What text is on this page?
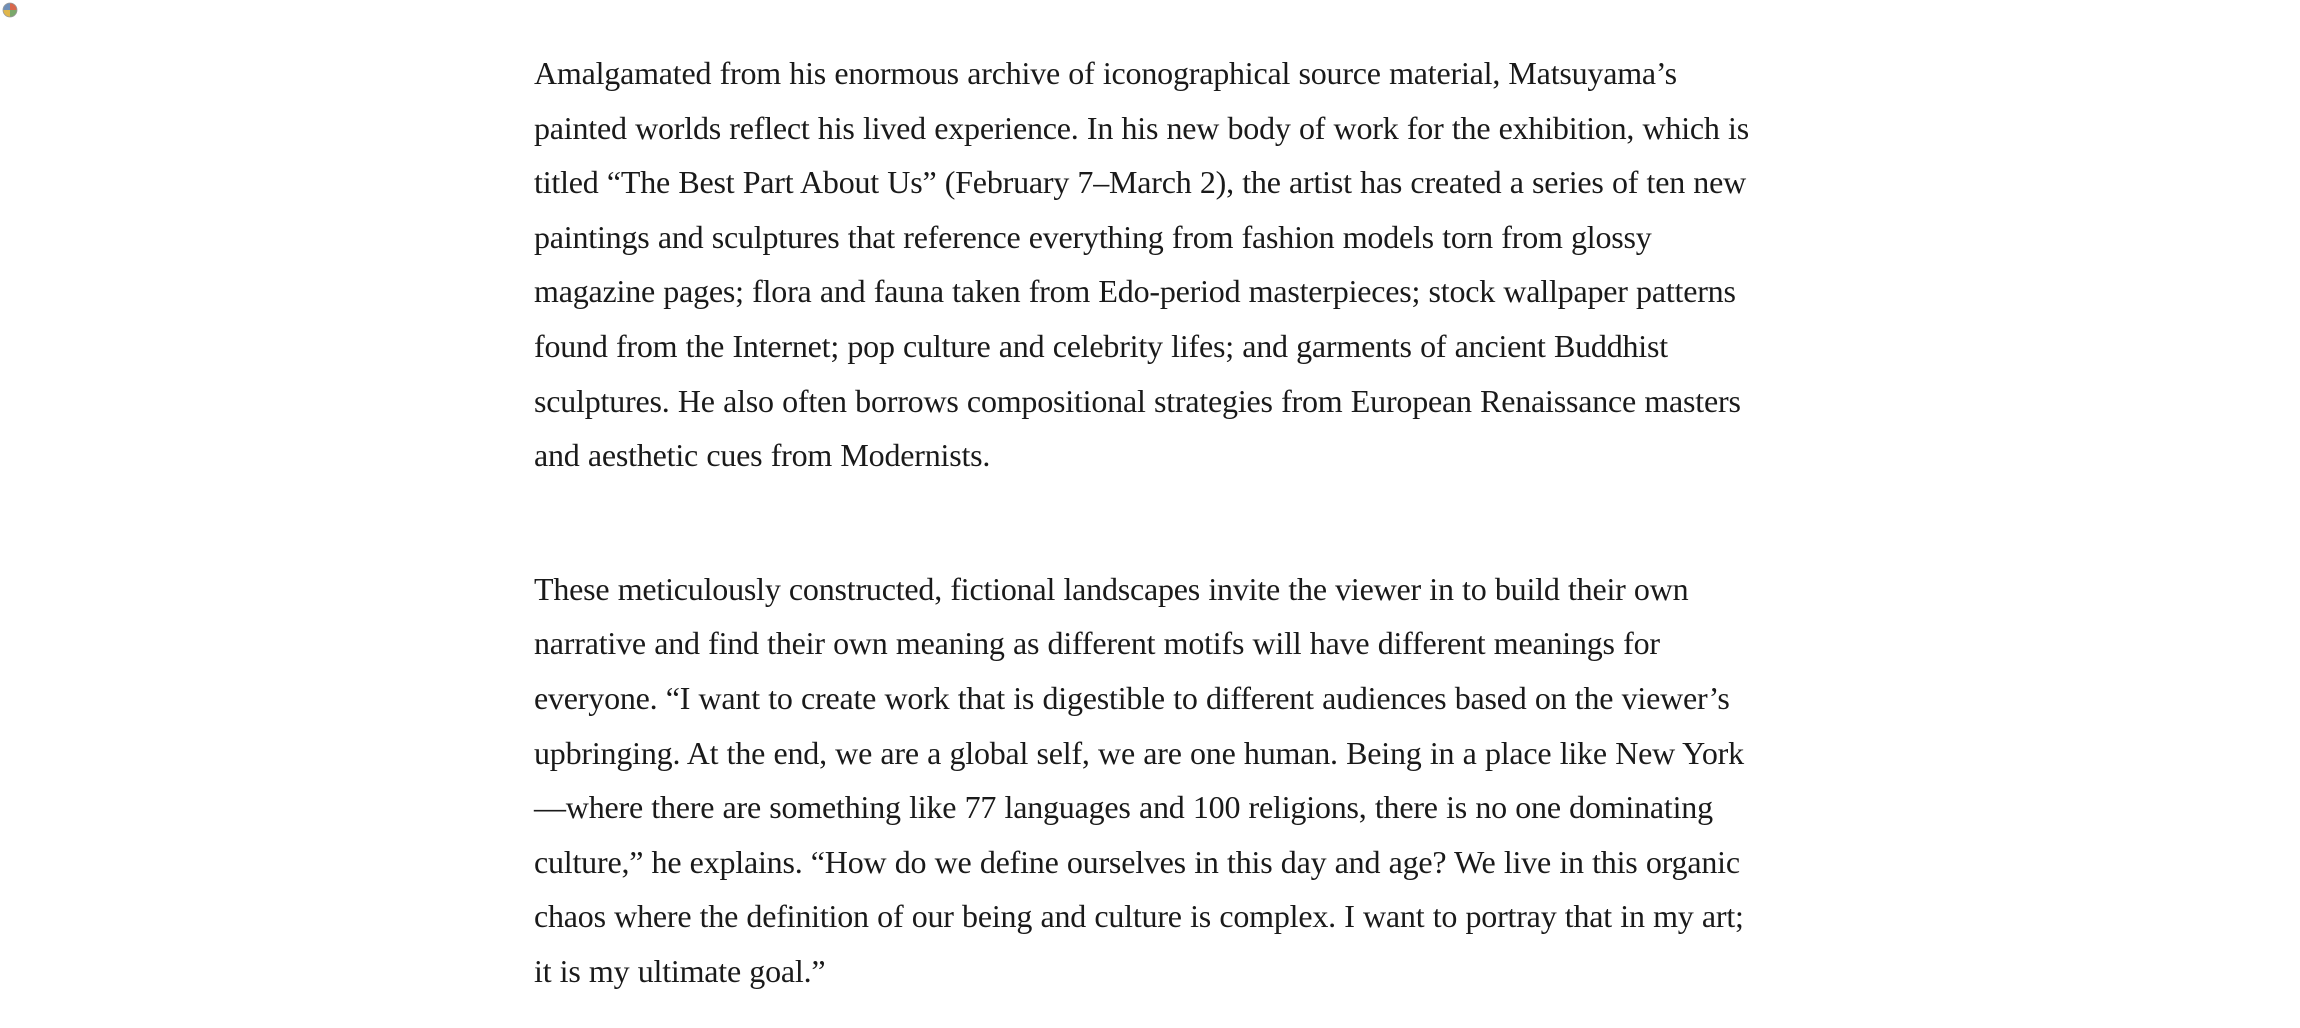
Amalgamated from his enormous archive of iconographical source material, Matsuyama’s painted worlds reflect his lived experience. In his new body of work for the exhibition, which is titled “The Best Part About Us” (February 7–March 2), the artist has created a series of ten new paintings and sculptures that reference everything from fashion models torn from glossy magazine pages; flora and fauna taken from Edo-period masterpieces; stock wallpaper patterns found from the Internet; pop culture and celebrity lifes; and garments of ancient Buddhist sculptures. He also often borrows compositional strategies from European Renaissance masters and aesthetic cues from Modernists.

These meticulously constructed, fictional landscapes invite the viewer in to build their own narrative and find their own meaning as different motifs will have different meanings for everyone. “I want to create work that is digestible to different audiences based on the viewer’s upbringing. At the end, we are a global self, we are one human. Being in a place like New York—where there are something like 77 languages and 100 religions, there is no one dominating culture,” he explains. “How do we define ourselves in this day and age? We live in this organic chaos where the definition of our being and culture is complex. I want to portray that in my art; it is my ultimate goal.”
